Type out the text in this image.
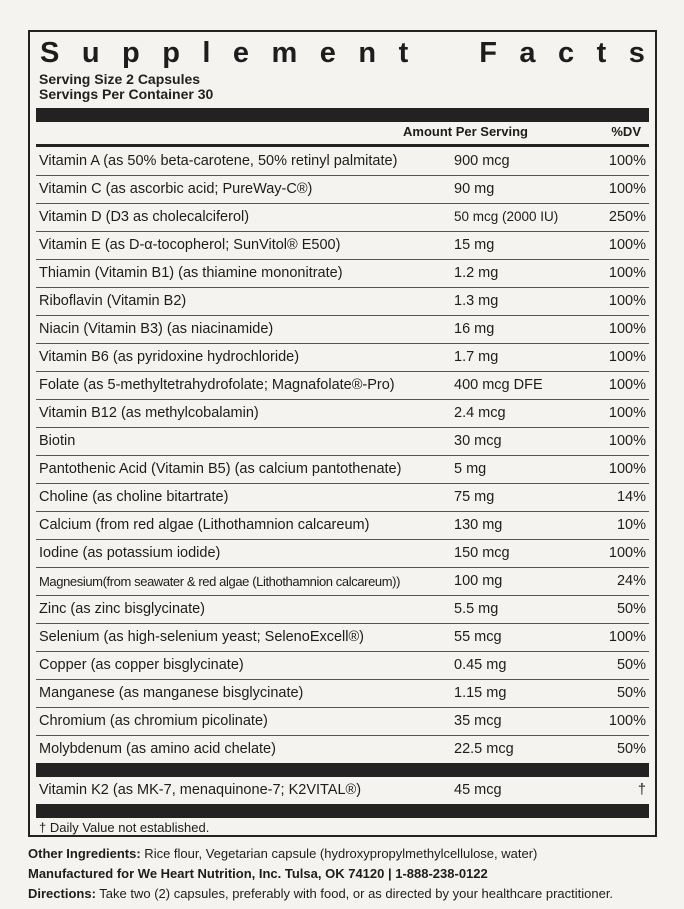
S u p p l e m e n t F a c t s
Serving Size 2 Capsules
Servings Per Container 30
Amount Per Serving	%DV
Vitamin A (as 50% beta-carotene, 50% retinyl palmitate)	900 mcg	100%
Vitamin C (as ascorbic acid; PureWay-C®)	90 mg	100%
Vitamin D (D3 as cholecalciferol)	50 mcg (2000 IU)	250%
Vitamin E (as D-α-tocopherol; SunVitol® E500)	15 mg	100%
Thiamin (Vitamin B1) (as thiamine mononitrate)	1.2 mg	100%
Riboflavin (Vitamin B2)	1.3 mg	100%
Niacin (Vitamin B3) (as niacinamide)	16 mg	100%
Vitamin B6 (as pyridoxine hydrochloride)	1.7 mg	100%
Folate (as 5-methyltetrahydrofolate; Magnafolate®-Pro)	400 mcg DFE	100%
Vitamin B12 (as methylcobalamin)	2.4 mcg	100%
Biotin	30 mcg	100%
Pantothenic Acid (Vitamin B5) (as calcium pantothenate)	5 mg	100%
Choline (as choline bitartrate)	75 mg	14%
Calcium (from red algae (Lithothamnion calcareum)	130 mg	10%
Iodine (as potassium iodide)	150 mcg	100%
Magnesium(from seawater & red algae (Lithothamnion calcareum))	100 mg	24%
Zinc (as zinc bisglycinate)	5.5 mg	50%
Selenium (as high-selenium yeast; SelenoExcell®)	55 mcg	100%
Copper (as copper bisglycinate)	0.45 mg	50%
Manganese (as manganese bisglycinate)	1.15 mg	50%
Chromium (as chromium picolinate)	35 mcg	100%
Molybdenum (as amino acid chelate)	22.5 mcg	50%
Vitamin K2 (as MK-7, menaquinone-7; K2VITAL®)	45 mcg	†
† Daily Value not established.
Other Ingredients: Rice flour, Vegetarian capsule (hydroxypropylmethylcellulose, water)
Manufactured for We Heart Nutrition, Inc. Tulsa, OK 74120 | 1-888-238-0122
Directions: Take two (2) capsules, preferably with food, or as directed by your healthcare practitioner.
